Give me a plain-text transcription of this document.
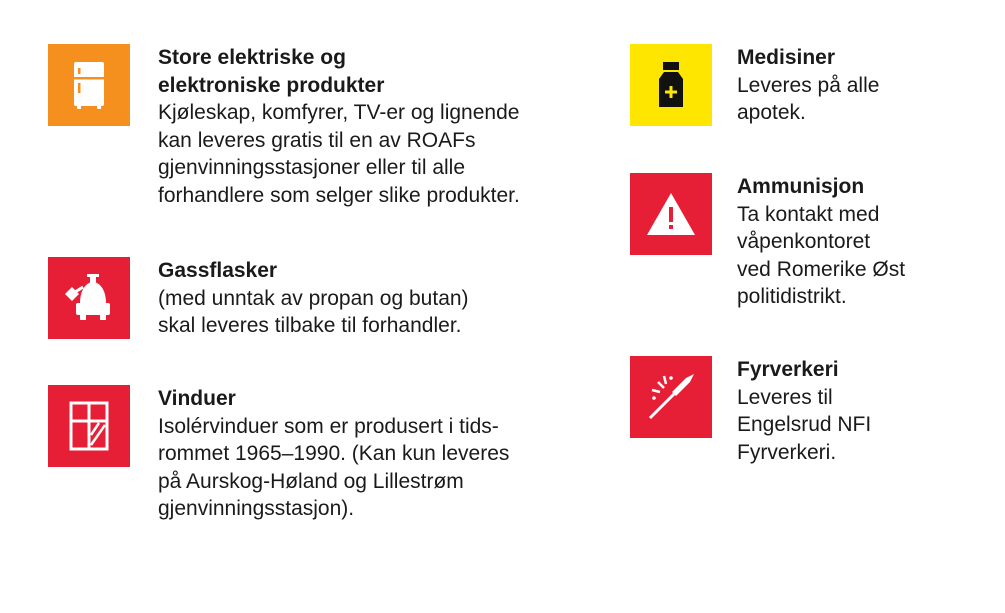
Store elektriske og
elektroniske produkter
Kjøleskap, komfyrer, TV-er og lignende
kan leveres gratis til en av ROAFs
gjenvinningsstasjoner eller til alle
forhandlere som selger slike produkter.
Gassflasker
(med unntak av propan og butan)
skal leveres tilbake til forhandler.
Vinduer
Isolérvinduer som er produsert i tids-
rommet 1965–1990. (Kan kun leveres
på Aurskog-Høland og Lillestrøm
gjenvinningsstasjon).
Medisiner
Leveres på alle
apotek.
Ammunisjon
Ta kontakt med
våpenkontoret
ved Romerike Øst
politidistrikt.
Fyrverkeri
Leveres til
Engelsrud NFI
Fyrverkeri.
